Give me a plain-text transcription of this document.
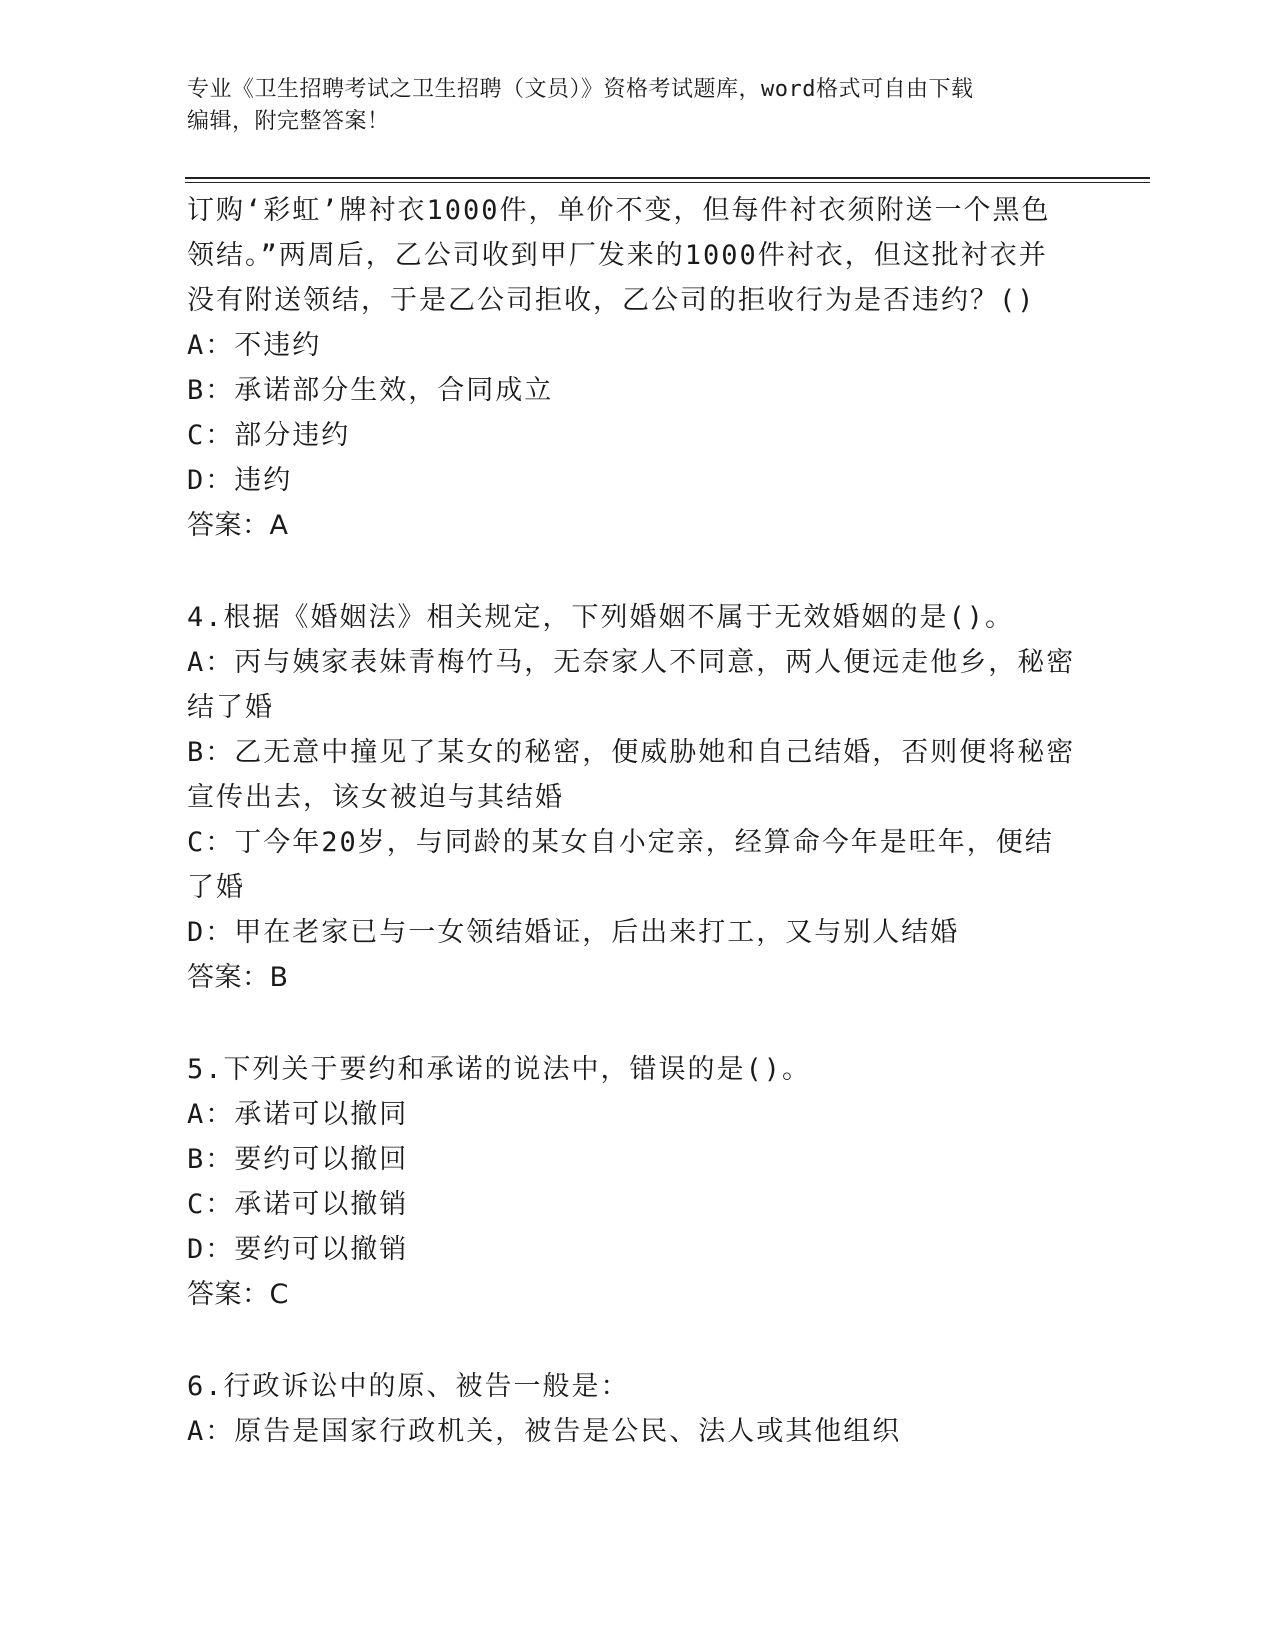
专业《卫生招聘考试之卫生招聘（文员）》资格考试题库，word格式可自由下载
编辑，附完整答案！
订购‘彩虹’牌衬衣1000件，单价不变，但每件衬衣须附送一个黑色
领结。”两周后，乙公司收到甲厂发来的1000件衬衣，但这批衬衣并
没有附送领结，于是乙公司拒收，乙公司的拒收行为是否违约？()
A：不违约
B：承诺部分生效，合同成立
C：部分违约
D：违约
答案：A
4.根据《婚姻法》相关规定，下列婚姻不属于无效婚姻的是()。
A：丙与姨家表妹青梅竹马，无奈家人不同意，两人便远走他乡，秘密
结了婚
B：乙无意中撞见了某女的秘密，便威胁她和自己结婚，否则便将秘密
宣传出去，该女被迫与其结婚
C：丁今年20岁，与同龄的某女自小定亲，经算命今年是旺年，便结
了婚
D：甲在老家已与一女领结婚证，后出来打工，又与别人结婚
答案：B
5.下列关于要约和承诺的说法中，错误的是()。
A：承诺可以撤同
B：要约可以撤回
C：承诺可以撤销
D：要约可以撤销
答案：C
6.行政诉讼中的原、被告一般是：
A：原告是国家行政机关，被告是公民、法人或其他组织
